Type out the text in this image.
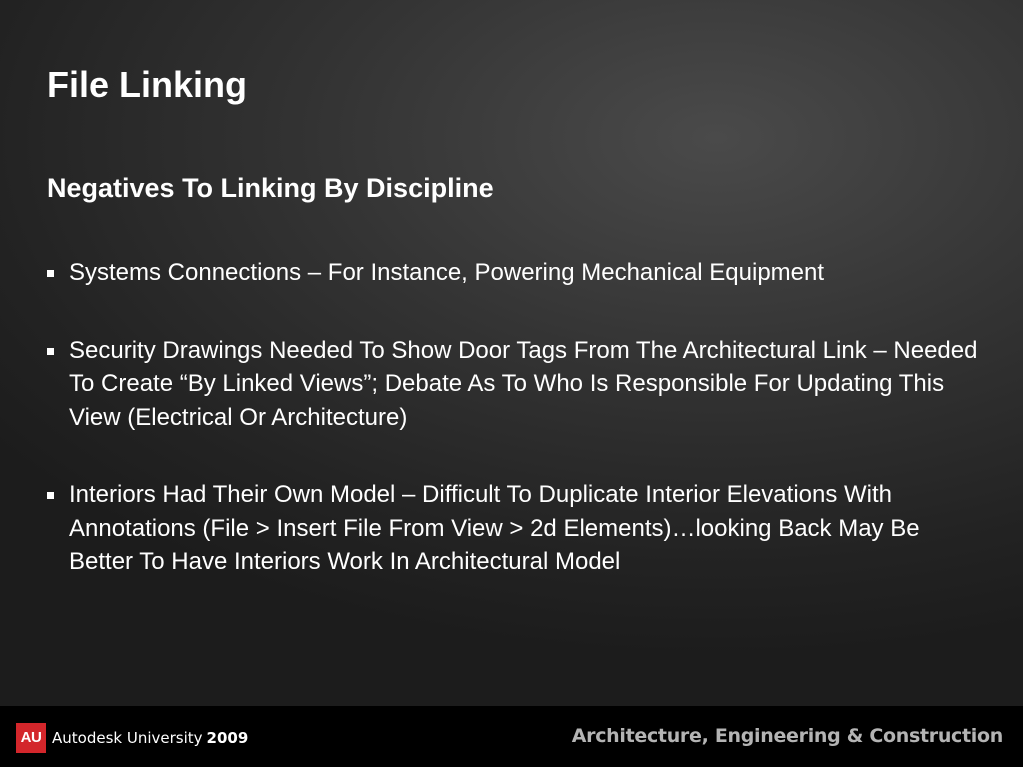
File Linking
Negatives To Linking By Discipline
Systems Connections – For Instance, Powering Mechanical Equipment
Security Drawings Needed To Show Door Tags From The Architectural Link – Needed To Create “By Linked Views”; Debate As To Who Is Responsible For Updating This View (Electrical Or Architecture)
Interiors Had Their Own Model – Difficult To Duplicate Interior Elevations With Annotations (File > Insert File From View > 2d Elements)…looking Back May Be Better To Have Interiors Work In Architectural Model
AU Autodesk University 2009	Architecture, Engineering & Construction
